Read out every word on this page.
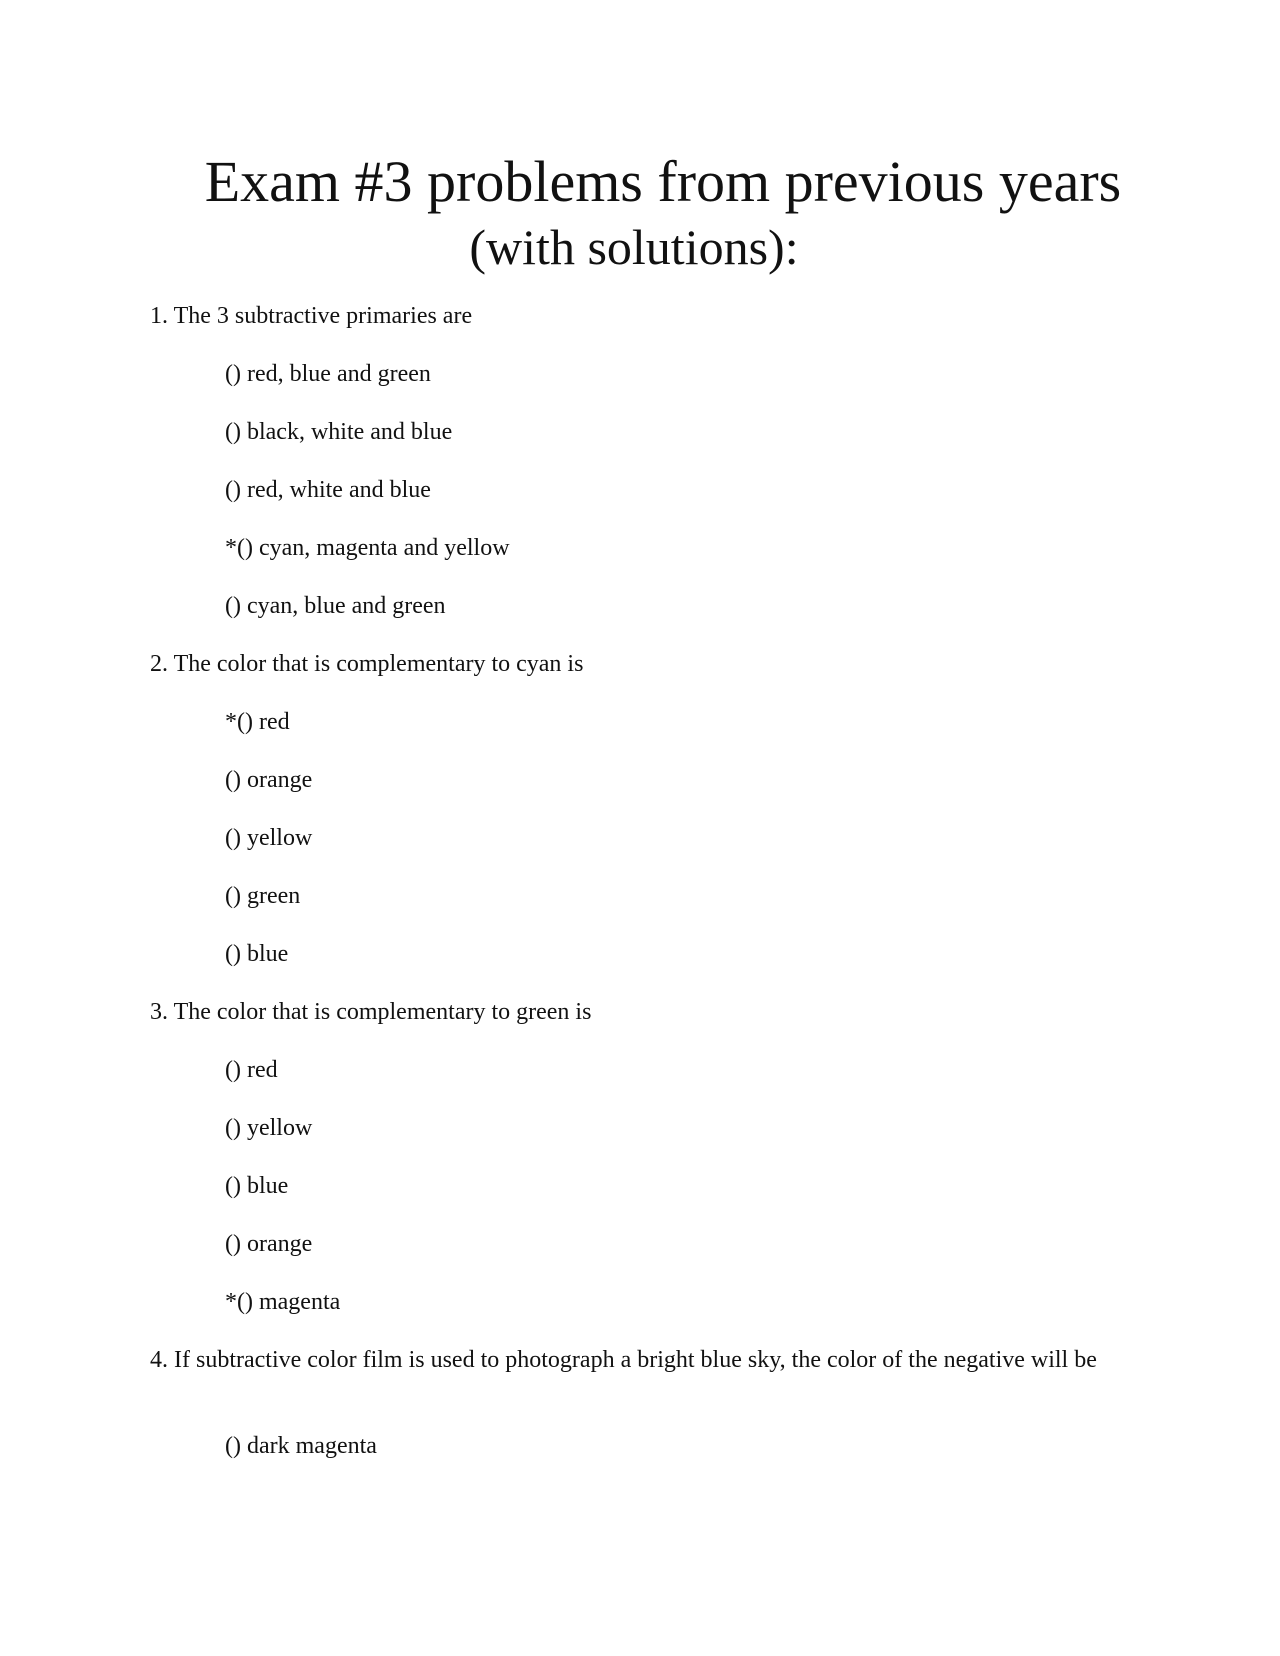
Exam #3 problems from previous years
(with solutions):
1. The 3 subtractive primaries are
() red, blue and green
() black, white and blue
() red, white and blue
*() cyan, magenta and yellow
() cyan, blue and green
2. The color that is complementary to cyan is
*() red
() orange
() yellow
() green
() blue
3. The color that is complementary to green is
() red
() yellow
() blue
() orange
*() magenta
4. If subtractive color film is used to photograph a bright blue sky, the color of the negative will be
() dark magenta
